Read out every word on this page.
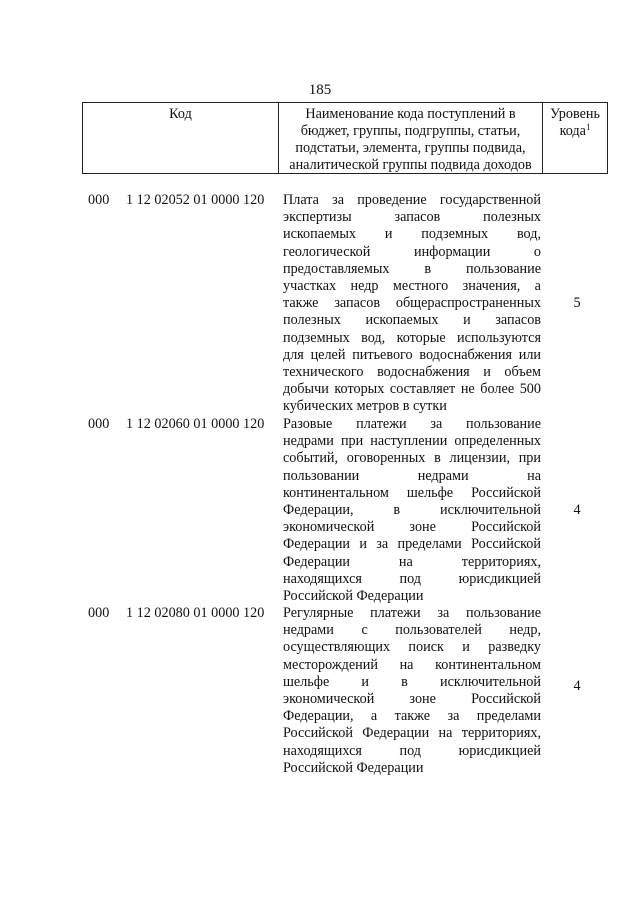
185
Код	Наименование кода поступлений в
бюджет, группы, подгруппы, статьи,
подстатьи, элемента, группы подвида,
аналитической группы подвида доходов
Уровень
кода$^1$
000 1 12 02052 01 0000 120 Плата за проведение государственной
экспертизы запасов полезных
ископаемых и подземных вод,
геологической информации о
предоставляемых в пользование
участках недр местного значения, а
также запасов общераспространенных
полезных ископаемых и запасов
подземных вод, которые используются
для целей питьевого водоснабжения или
технического водоснабжения и объем
добычи которых составляет не более 500
кубических метров в сутки
5
000 1 12 02060 01 0000 120 Разовые платежи за пользование
недрами при наступлении определенных
событий, оговоренных в лицензии, при
пользовании недрами на
континентальном шельфе Российской
Федерации, в исключительной
экономической зоне Российской
Федерации и за пределами Российской
Федерации на территориях,
находящихся под юрисдикцией
Российской Федерации
4
000 1 12 02080 01 0000 120 Регулярные платежи за пользование
недрами с пользователей недр,
осуществляющих поиск и разведку
месторождений на континентальном
шельфе и в исключительной
экономической зоне Российской
Федерации, а также за пределами
Российской Федерации на территориях,
находящихся под юрисдикцией
Российской Федерации
4
